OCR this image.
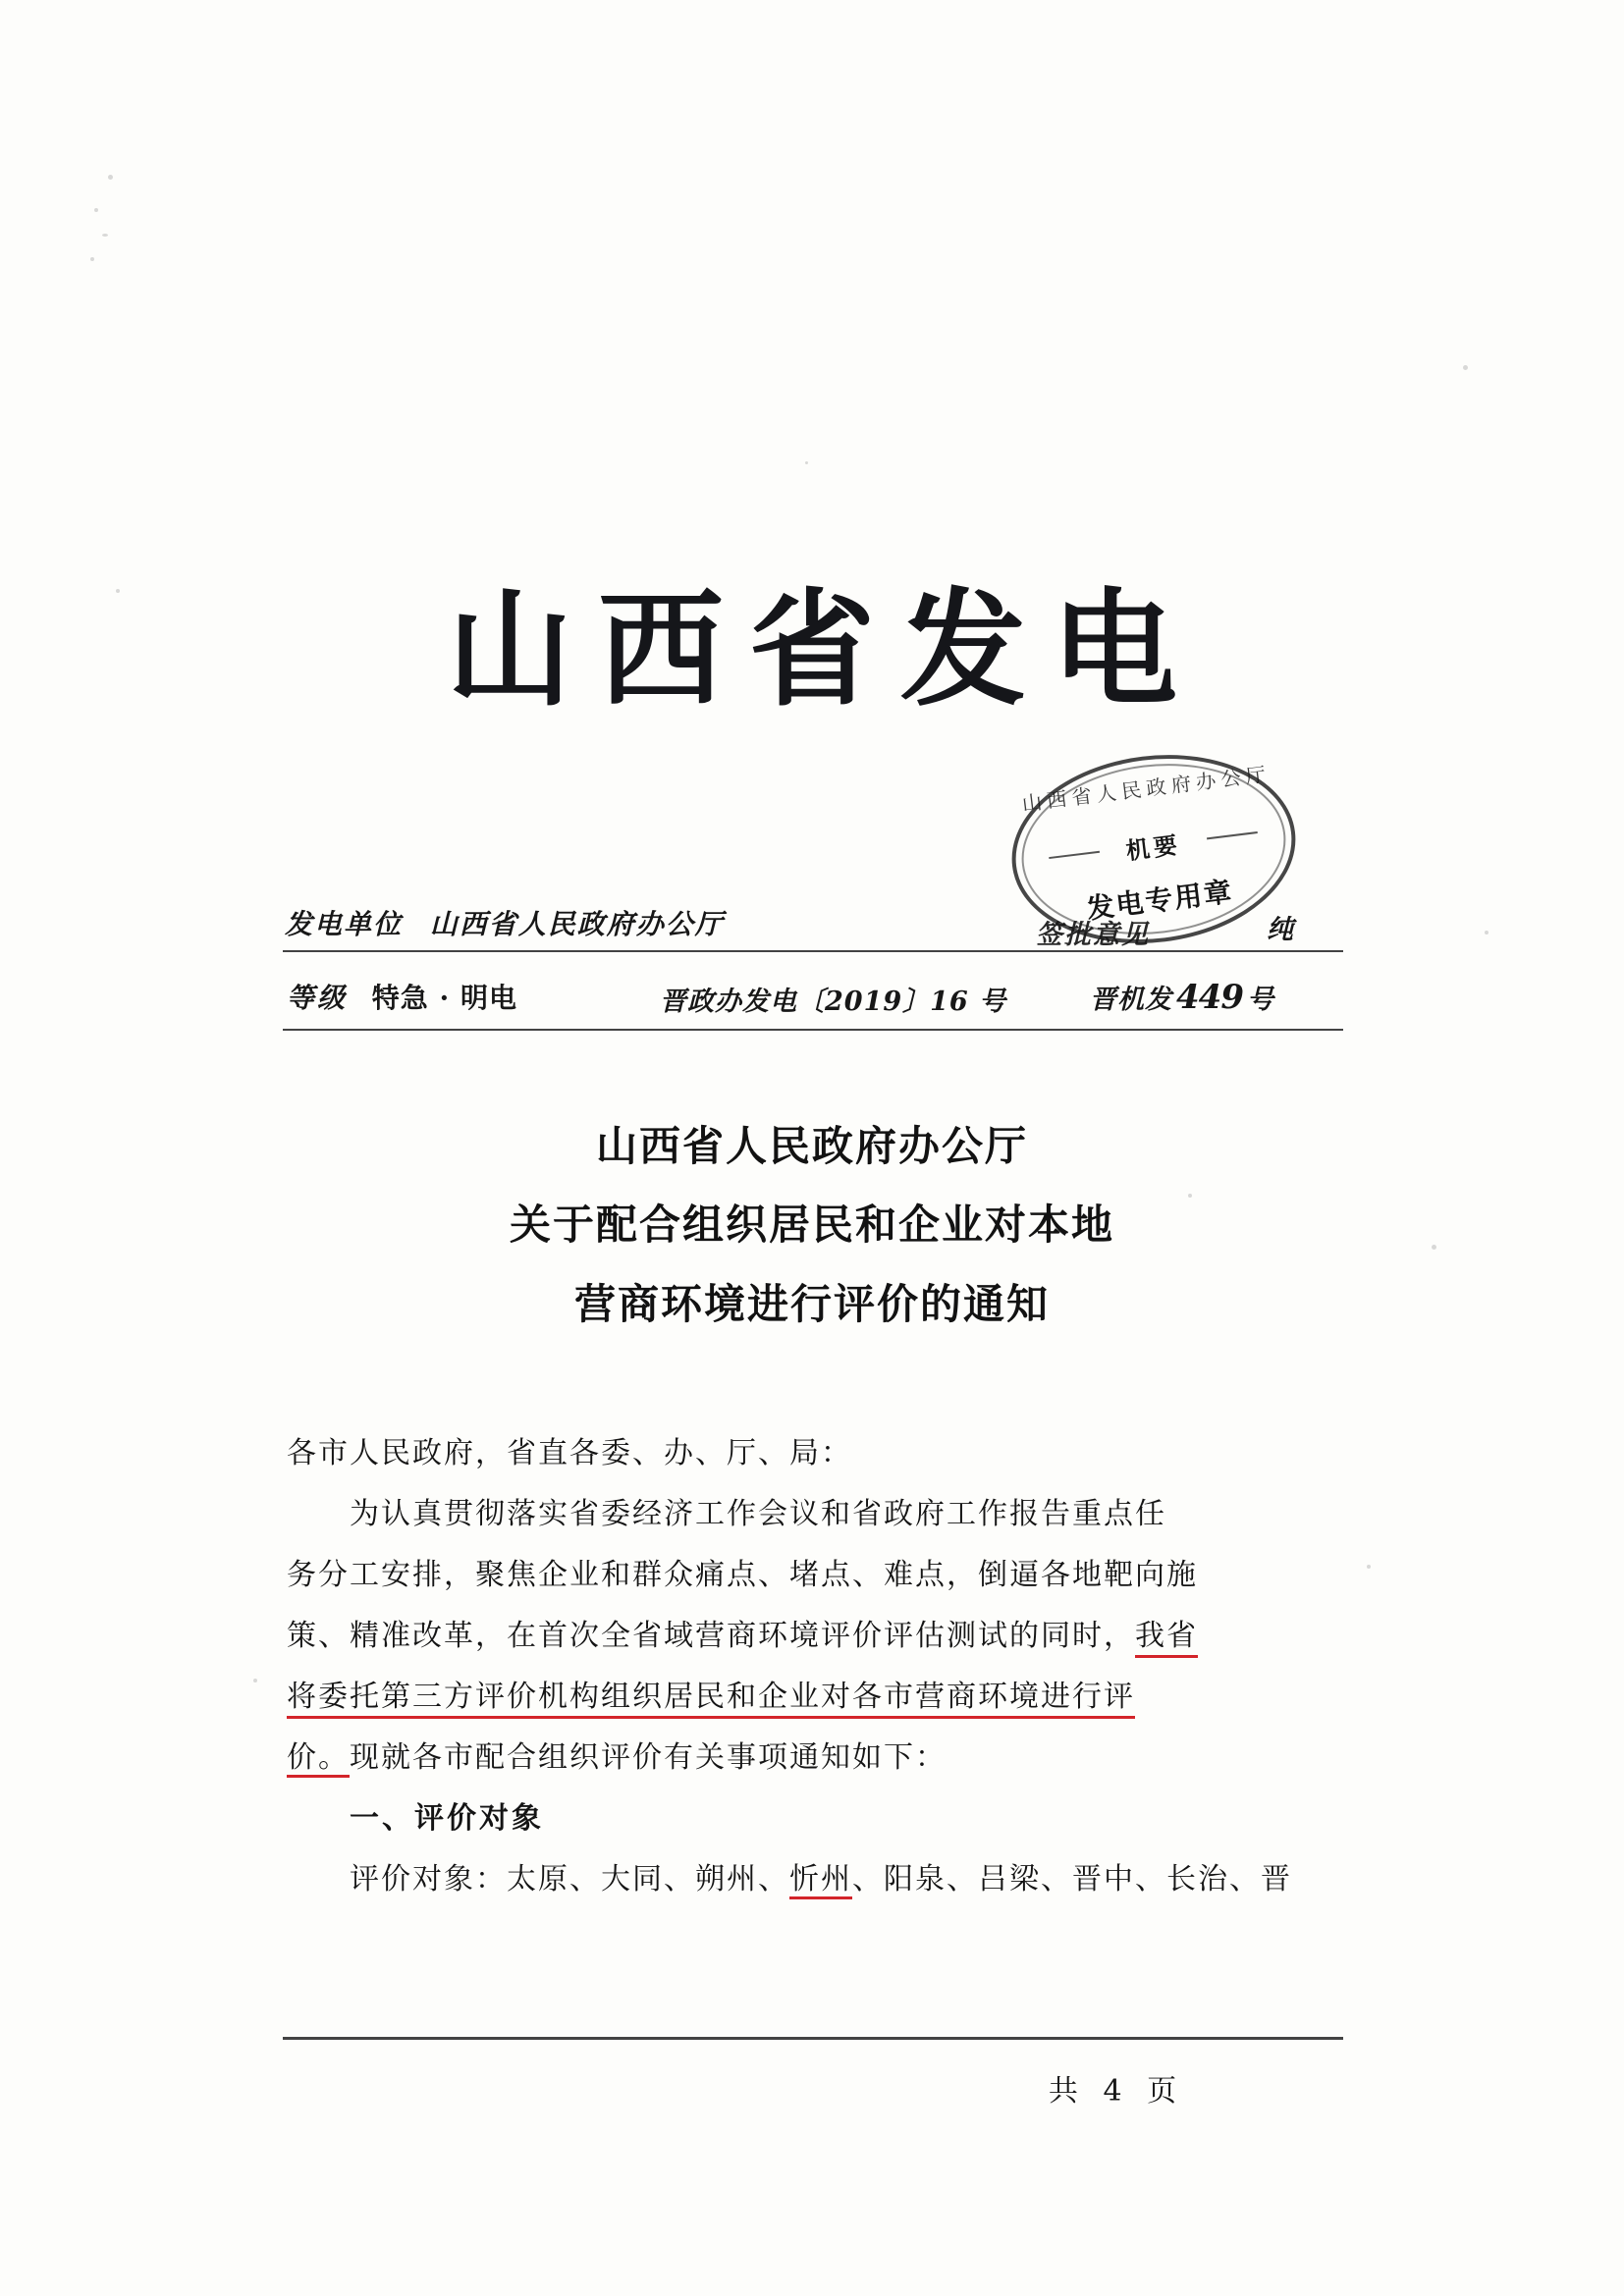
山西省发电
山西省人民政府办公厅
机要
发电专用章
发电单位 山西省人民政府办公厅	签批意见	纯
等级 特急 · 明电	晋政办发电〔2019〕16 号	晋机发 449 号
山西省人民政府办公厅
关于配合组织居民和企业对本地
营商环境进行评价的通知

各市人民政府，省直各委、办、厅、局：

为认真贯彻落实省委经济工作会议和省政府工作报告重点任

务分工安排，聚焦企业和群众痛点、堵点、难点，倒逼各地靶向施

策、精准改革，在首次全省域营商环境评价评估测试的同时，我省

将委托第三方评价机构组织居民和企业对各市营商环境进行评

价。现就各市配合组织评价有关事项通知如下：

一、评价对象

评价对象：太原、大同、朔州、忻州、阳泉、吕梁、晋中、长治、晋

共 4 页
